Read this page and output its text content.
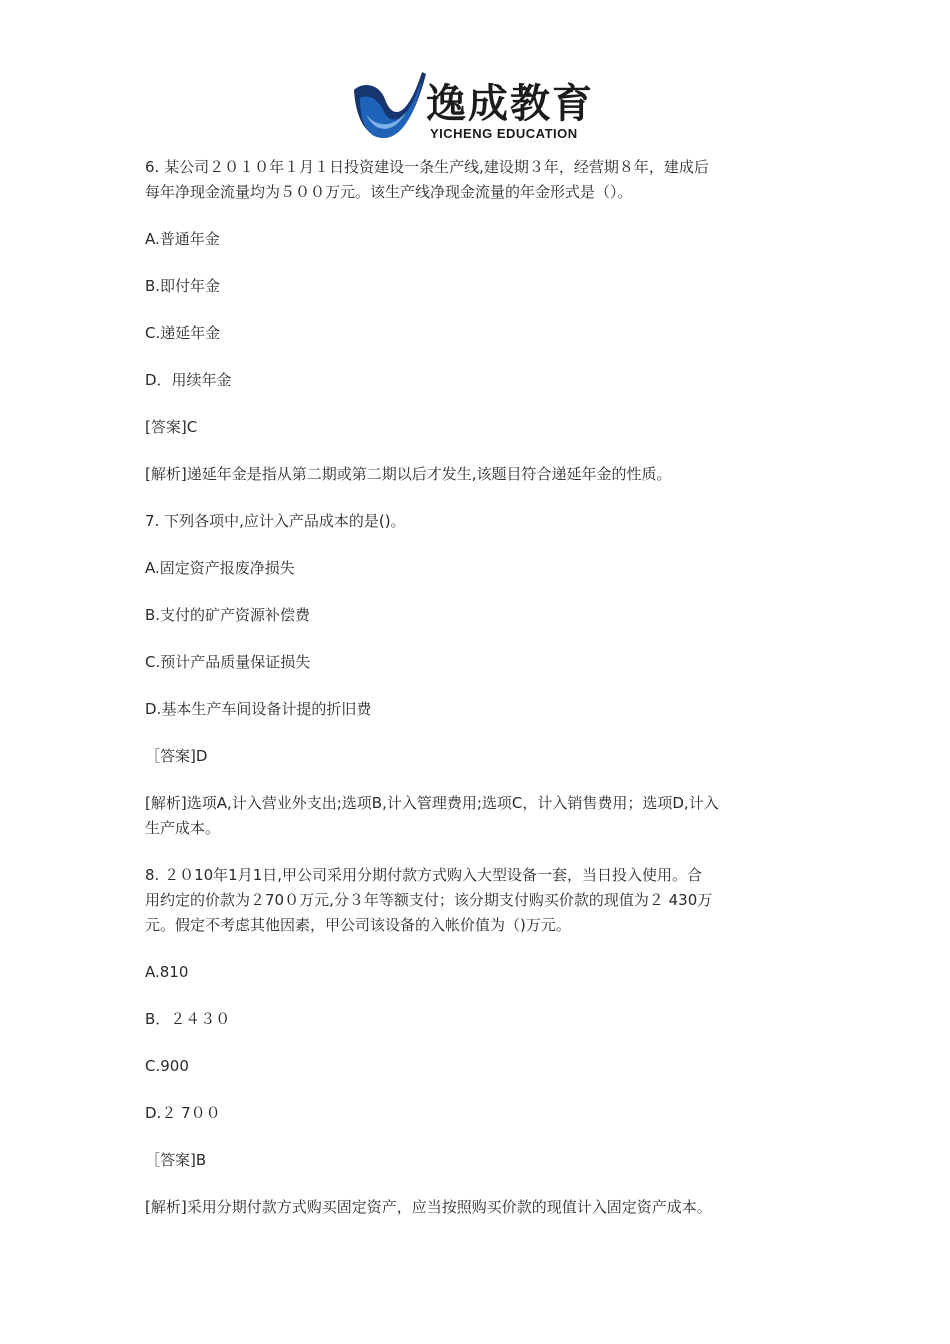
逸成教育
YICHENG EDUCATION

6. 某公司２０１０年１月１日投资建设一条生产线,建设期３年，经营期８年，建成后

每年净现金流量均为５００万元。该生产线净现金流量的年金形式是（）。

A.普通年金

B.即付年金

C.递延年金

D．用续年金

[答案]C

[解析]递延年金是指从第二期或第二期以后才发生,该题目符合递延年金的性质。

7. 下列各项中,应计入产品成本的是()。

A.固定资产报废净损失

B.支付的矿产资源补偿费

C.预计产品质量保证损失

D.基本生产车间设备计提的折旧费

［答案]D

[解析]选项A,计入营业外支出;选项B,计入管理费用;选项C，计入销售费用；选项D,计入

生产成本。

8. ２０10年1月1日,甲公司采用分期付款方式购入大型设备一套，当日投入使用。合

用约定的价款为２70０万元,分３年等额支付；该分期支付购买价款的现值为２ 430万

元。假定不考虑其他因素，甲公司该设备的入帐价值为（)万元。

A.810

B．２４３０

C.900

D.２ 7００

［答案]B

[解析]采用分期付款方式购买固定资产，应当按照购买价款的现值计入固定资产成本。
